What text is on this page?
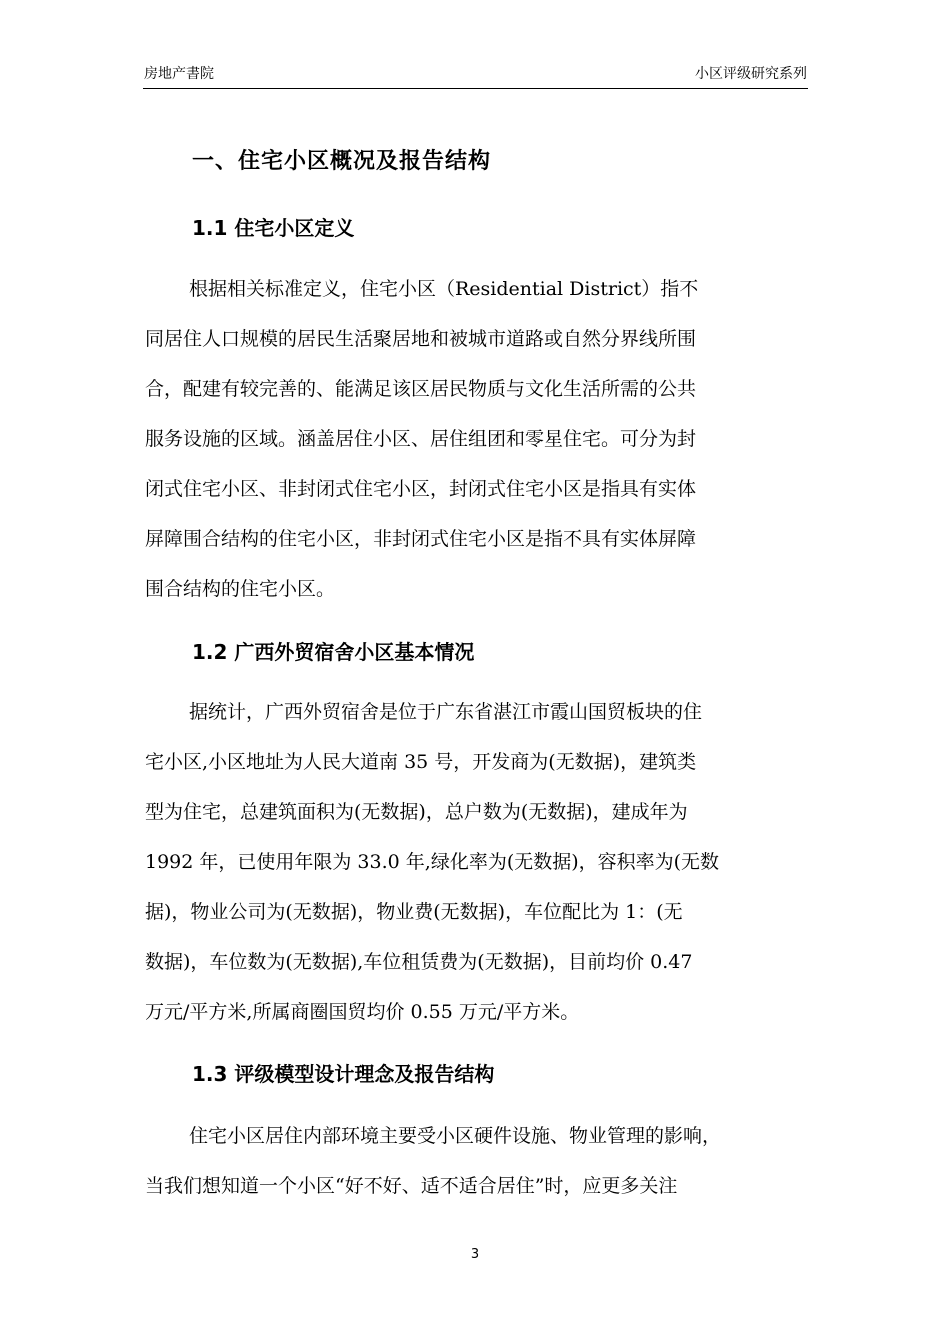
房地产書院	小区评级研究系列
一、住宅小区概况及报告结构
1.1 住宅小区定义
根据相关标准定义，住宅小区（Residential District）指不
同居住人口规模的居民生活聚居地和被城市道路或自然分界线所围
合，配建有较完善的、能满足该区居民物质与文化生活所需的公共
服务设施的区域。涵盖居住小区、居住组团和零星住宅。可分为封
闭式住宅小区、非封闭式住宅小区，封闭式住宅小区是指具有实体
屏障围合结构的住宅小区，非封闭式住宅小区是指不具有实体屏障
围合结构的住宅小区。
1.2 广西外贸宿舍小区基本情况
据统计，广西外贸宿舍是位于广东省湛江市霞山国贸板块的住
宅小区,小区地址为人民大道南 35 号，开发商为(无数据)，建筑类
型为住宅，总建筑面积为(无数据)，总户数为(无数据)，建成年为
1992 年，已使用年限为 33.0 年,绿化率为(无数据)，容积率为(无数
据)，物业公司为(无数据)，物业费(无数据)，车位配比为 1：(无
数据)，车位数为(无数据),车位租赁费为(无数据)，目前均价 0.47
万元/平方米,所属商圈国贸均价 0.55 万元/平方米。
1.3 评级模型设计理念及报告结构
住宅小区居住内部环境主要受小区硬件设施、物业管理的影响，
当我们想知道一个小区“好不好、适不适合居住”时，应更多关注
3
